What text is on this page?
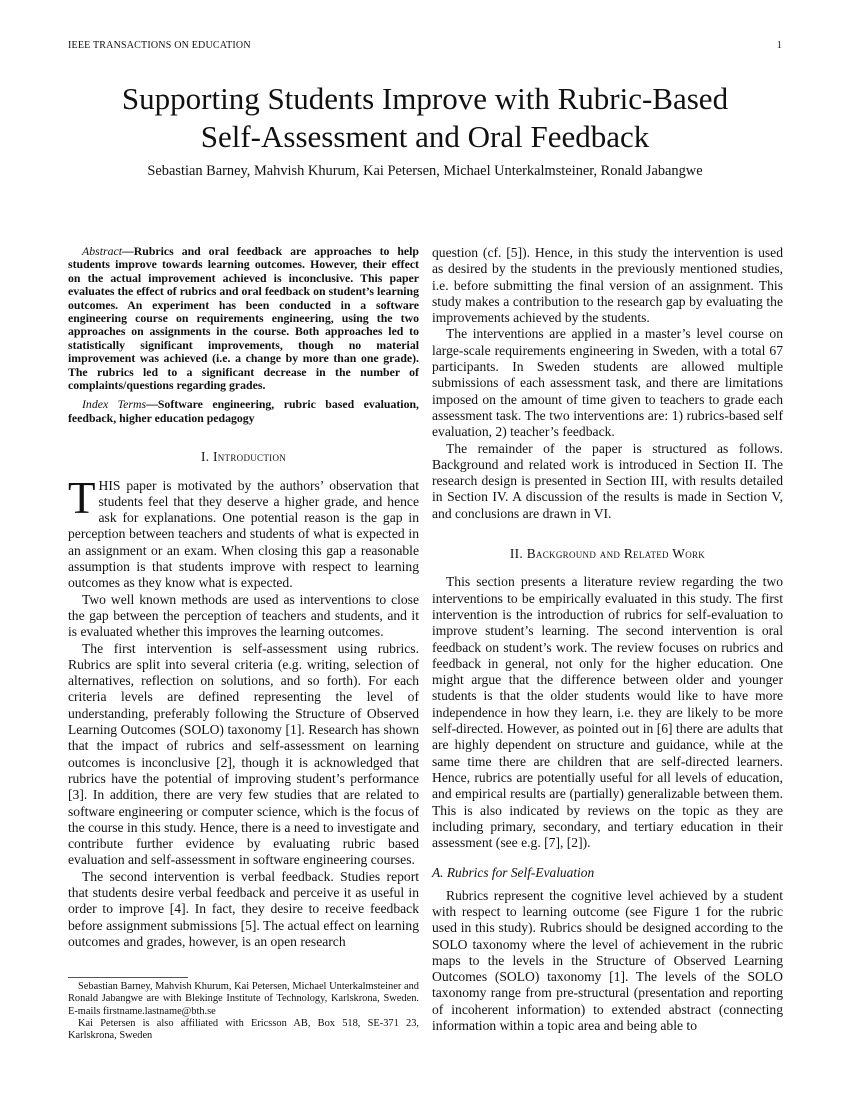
IEEE TRANSACTIONS ON EDUCATION	1
Supporting Students Improve with Rubric-Based
Self-Assessment and Oral Feedback
Sebastian Barney, Mahvish Khurum, Kai Petersen, Michael Unterkalmsteiner, Ronald Jabangwe

Abstract—Rubrics and oral feedback are approaches to help students improve towards learning outcomes. However, their effect on the actual improvement achieved is inconclusive. This paper evaluates the effect of rubrics and oral feedback on student’s learning outcomes. An experiment has been conducted in a software engineering course on requirements engineering, using the two approaches on assignments in the course. Both approaches led to statistically significant improvements, though no material improvement was achieved (i.e. a change by more than one grade). The rubrics led to a significant decrease in the number of complaints/questions regarding grades.

Index Terms—Software engineering, rubric based evaluation, feedback, higher education pedagogy

I. Introduction

THIS paper is motivated by the authors’ observation that students feel that they deserve a higher grade, and hence ask for explanations. One potential reason is the gap in perception between teachers and students of what is expected in an assignment or an exam. When closing this gap a reasonable assumption is that students improve with respect to learning outcomes as they know what is expected.

Two well known methods are used as interventions to close the gap between the perception of teachers and students, and it is evaluated whether this improves the learning outcomes.

The first intervention is self-assessment using rubrics. Rubrics are split into several criteria (e.g. writing, selection of alternatives, reflection on solutions, and so forth). For each criteria levels are defined representing the level of understanding, preferably following the Structure of Observed Learning Outcomes (SOLO) taxonomy [1]. Research has shown that the impact of rubrics and self-assessment on learning outcomes is inconclusive [2], though it is acknowledged that rubrics have the potential of improving student’s performance [3]. In addition, there are very few studies that are related to software engineering or computer science, which is the focus of the course in this study. Hence, there is a need to investigate and contribute further evidence by evaluating rubric based evaluation and self-assessment in software engineering courses.

The second intervention is verbal feedback. Studies report that students desire verbal feedback and perceive it as useful in order to improve [4]. In fact, they desire to receive feedback before assignment submissions [5]. The actual effect on learning outcomes and grades, however, is an open research

question (cf. [5]). Hence, in this study the intervention is used as desired by the students in the previously mentioned studies, i.e. before submitting the final version of an assignment. This study makes a contribution to the research gap by evaluating the improvements achieved by the students.

The interventions are applied in a master’s level course on large-scale requirements engineering in Sweden, with a total 67 participants. In Sweden students are allowed multiple submissions of each assessment task, and there are limitations imposed on the amount of time given to teachers to grade each assessment task. The two interventions are: 1) rubrics-based self evaluation, 2) teacher’s feedback.

The remainder of the paper is structured as follows. Background and related work is introduced in Section II. The research design is presented in Section III, with results detailed in Section IV. A discussion of the results is made in Section V, and conclusions are drawn in VI.

II. Background and Related Work

This section presents a literature review regarding the two interventions to be empirically evaluated in this study. The first intervention is the introduction of rubrics for self-evaluation to improve student’s learning. The second intervention is oral feedback on student’s work. The review focuses on rubrics and feedback in general, not only for the higher education. One might argue that the difference between older and younger students is that the older students would like to have more independence in how they learn, i.e. they are likely to be more self-directed. However, as pointed out in [6] there are adults that are highly dependent on structure and guidance, while at the same time there are children that are self-directed learners. Hence, rubrics are potentially useful for all levels of education, and empirical results are (partially) generalizable between them. This is also indicated by reviews on the topic as they are including primary, secondary, and tertiary education in their assessment (see e.g. [7], [2]).

A. Rubrics for Self-Evaluation

Rubrics represent the cognitive level achieved by a student with respect to learning outcome (see Figure 1 for the rubric used in this study). Rubrics should be designed according to the SOLO taxonomy where the level of achievement in the rubric maps to the levels in the Structure of Observed Learning Outcomes (SOLO) taxonomy [1]. The levels of the SOLO taxonomy range from pre-structural (presentation and reporting of incoherent information) to extended abstract (connecting information within a topic area and being able to

Sebastian Barney, Mahvish Khurum, Kai Petersen, Michael Unterkalmsteiner and Ronald Jabangwe are with Blekinge Institute of Technology, Karlskrona, Sweden. E-mails firstname.lastname@bth.se

Kai Petersen is also affiliated with Ericsson AB, Box 518, SE-371 23, Karlskrona, Sweden
